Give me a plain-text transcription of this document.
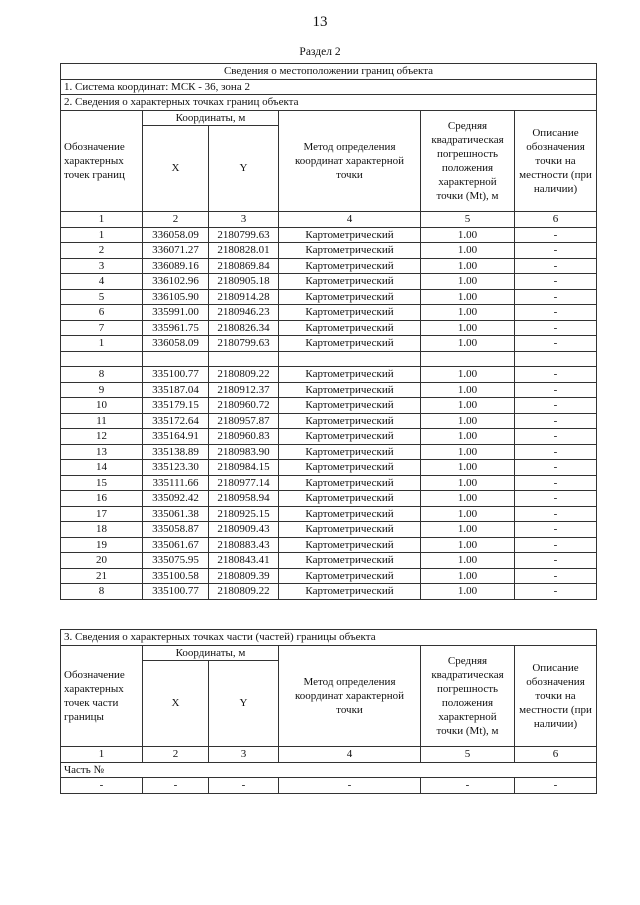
13
Раздел 2
Сведения о местоположении границ объекта					
1. Система координат: МСК - 36, зона 2					
2. Сведения о характерных точках границ объекта					
Обозначение характерных точек границ	Координаты, м		Метод определения координат характерной точки	Средняя квадратическая погрешность положения характерной точки (Mt), м	Описание обозначения точки на местности (при наличии)
	X	Y			
1	2	3	4	5	6
1	336058.09	2180799.63	Картометрический	1.00	-
2	336071.27	2180828.01	Картометрический	1.00	-
3	336089.16	2180869.84	Картометрический	1.00	-
4	336102.96	2180905.18	Картометрический	1.00	-
5	336105.90	2180914.28	Картометрический	1.00	-
6	335991.00	2180946.23	Картометрический	1.00	-
7	335961.75	2180826.34	Картометрический	1.00	-
1	336058.09	2180799.63	Картометрический	1.00	-

8	335100.77	2180809.22	Картометрический	1.00	-
9	335187.04	2180912.37	Картометрический	1.00	-
10	335179.15	2180960.72	Картометрический	1.00	-
11	335172.64	2180957.87	Картометрический	1.00	-
12	335164.91	2180960.83	Картометрический	1.00	-
13	335138.89	2180983.90	Картометрический	1.00	-
14	335123.30	2180984.15	Картометрический	1.00	-
15	335111.66	2180977.14	Картометрический	1.00	-
16	335092.42	2180958.94	Картометрический	1.00	-
17	335061.38	2180925.15	Картометрический	1.00	-
18	335058.87	2180909.43	Картометрический	1.00	-
19	335061.67	2180883.43	Картометрический	1.00	-
20	335075.95	2180843.41	Картометрический	1.00	-
21	335100.58	2180809.39	Картометрический	1.00	-
8	335100.77	2180809.22	Картометрический	1.00	-
3. Сведения о характерных точках части (частей) границы объекта					
Обозначение характерных точек части границы	Координаты, м		Метод определения координат характерной точки	Средняя квадратическая погрешность положения характерной точки (Mt), м	Описание обозначения точки на местности (при наличии)
	X	Y			
1	2	3	4	5	6
Часть №					
-	-	-	-	-	-
